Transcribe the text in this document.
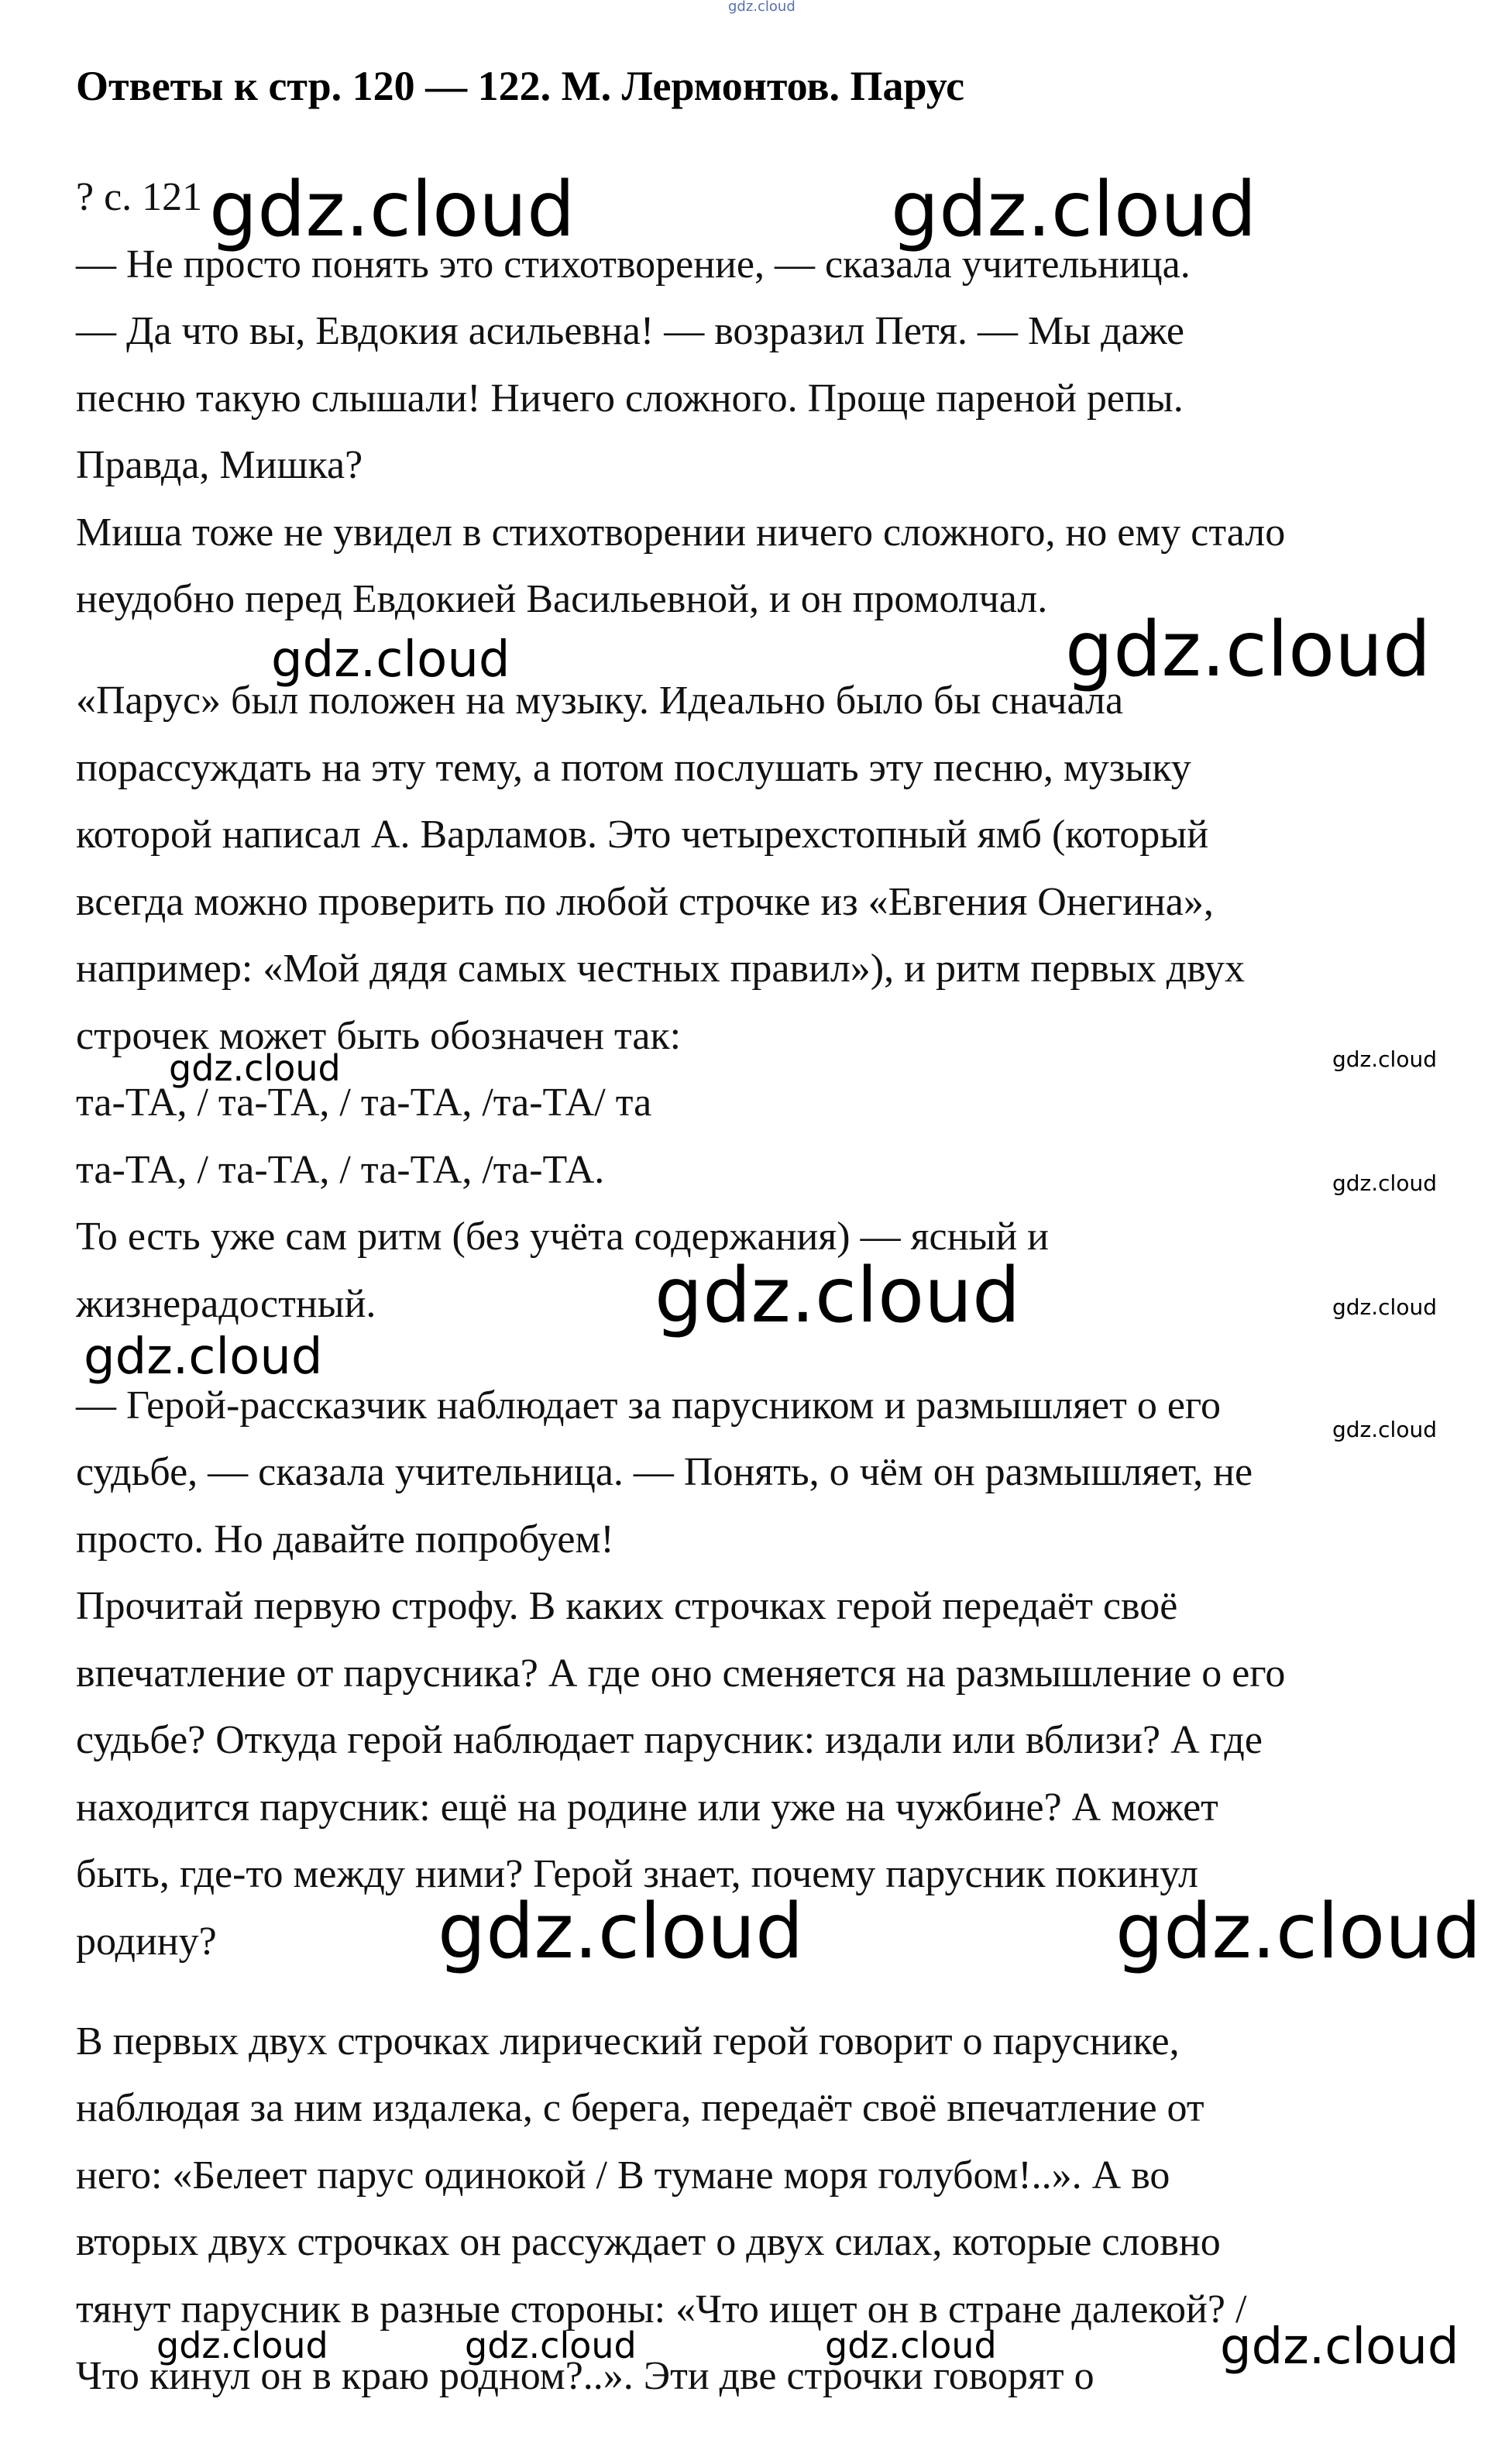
gdz.cloud
Ответы к стр. 120 — 122. М. Лермонтов. Парус
? с. 121
— Не просто понять это стихотворение, — сказала учительница.
— Да что вы, Евдокия асильевна! — возразил Петя. — Мы даже
песню такую слышали! Ничего сложного. Проще пареной репы.
Правда, Мишка?
Миша тоже не увидел в стихотворении ничего сложного, но ему стало
неудобно перед Евдокией Васильевной, и он промолчал.
«Парус» был положен на музыку. Идеально было бы сначала
порассуждать на эту тему, а потом послушать эту песню, музыку
которой написал А. Варламов. Это четырехстопный ямб (который
всегда можно проверить по любой строчке из «Евгения Онегина»,
например: «Мой дядя самых честных правил»), и ритм первых двух
строчек может быть обозначен так:
та-ТА, / та-ТА, / та-ТА, /та-ТА/ та
та-ТА, / та-ТА, / та-ТА, /та-ТА.
То есть уже сам ритм (без учёта содержания) — ясный и
жизнерадостный.
— Герой-рассказчик наблюдает за парусником и размышляет о его
судьбе, — сказала учительница. — Понять, о чём он размышляет, не
просто. Но давайте попробуем!
Прочитай первую строфу. В каких строчках герой передаёт своё
впечатление от парусника? А где оно сменяется на размышление о его
судьбе? Откуда герой наблюдает парусник: издали или вблизи? А где
находится парусник: ещё на родине или уже на чужбине? А может
быть, где-то между ними? Герой знает, почему парусник покинул
родину?
В первых двух строчках лирический герой говорит о паруснике,
наблюдая за ним издалека, с берега, передаёт своё впечатление от
него: «Белеет парус одинокой / В тумане моря голубом!..». А во
вторых двух строчках он рассуждает о двух силах, которые словно
тянут парусник в разные стороны: «Что ищет он в стране далекой? /
Что кинул он в краю родном?..». Эти две строчки говорят о
gdz.cloud	gdz.cloud
gdz.cloud	gdz.cloud
gdz.cloud	gdz.cloud
gdz.cloud
gdz.cloud	gdz.cloud
gdz.cloud
gdz.cloud
gdz.cloud	gdz.cloud
gdz.cloud	gdz.cloud	gdz.cloud	gdz.cloud
